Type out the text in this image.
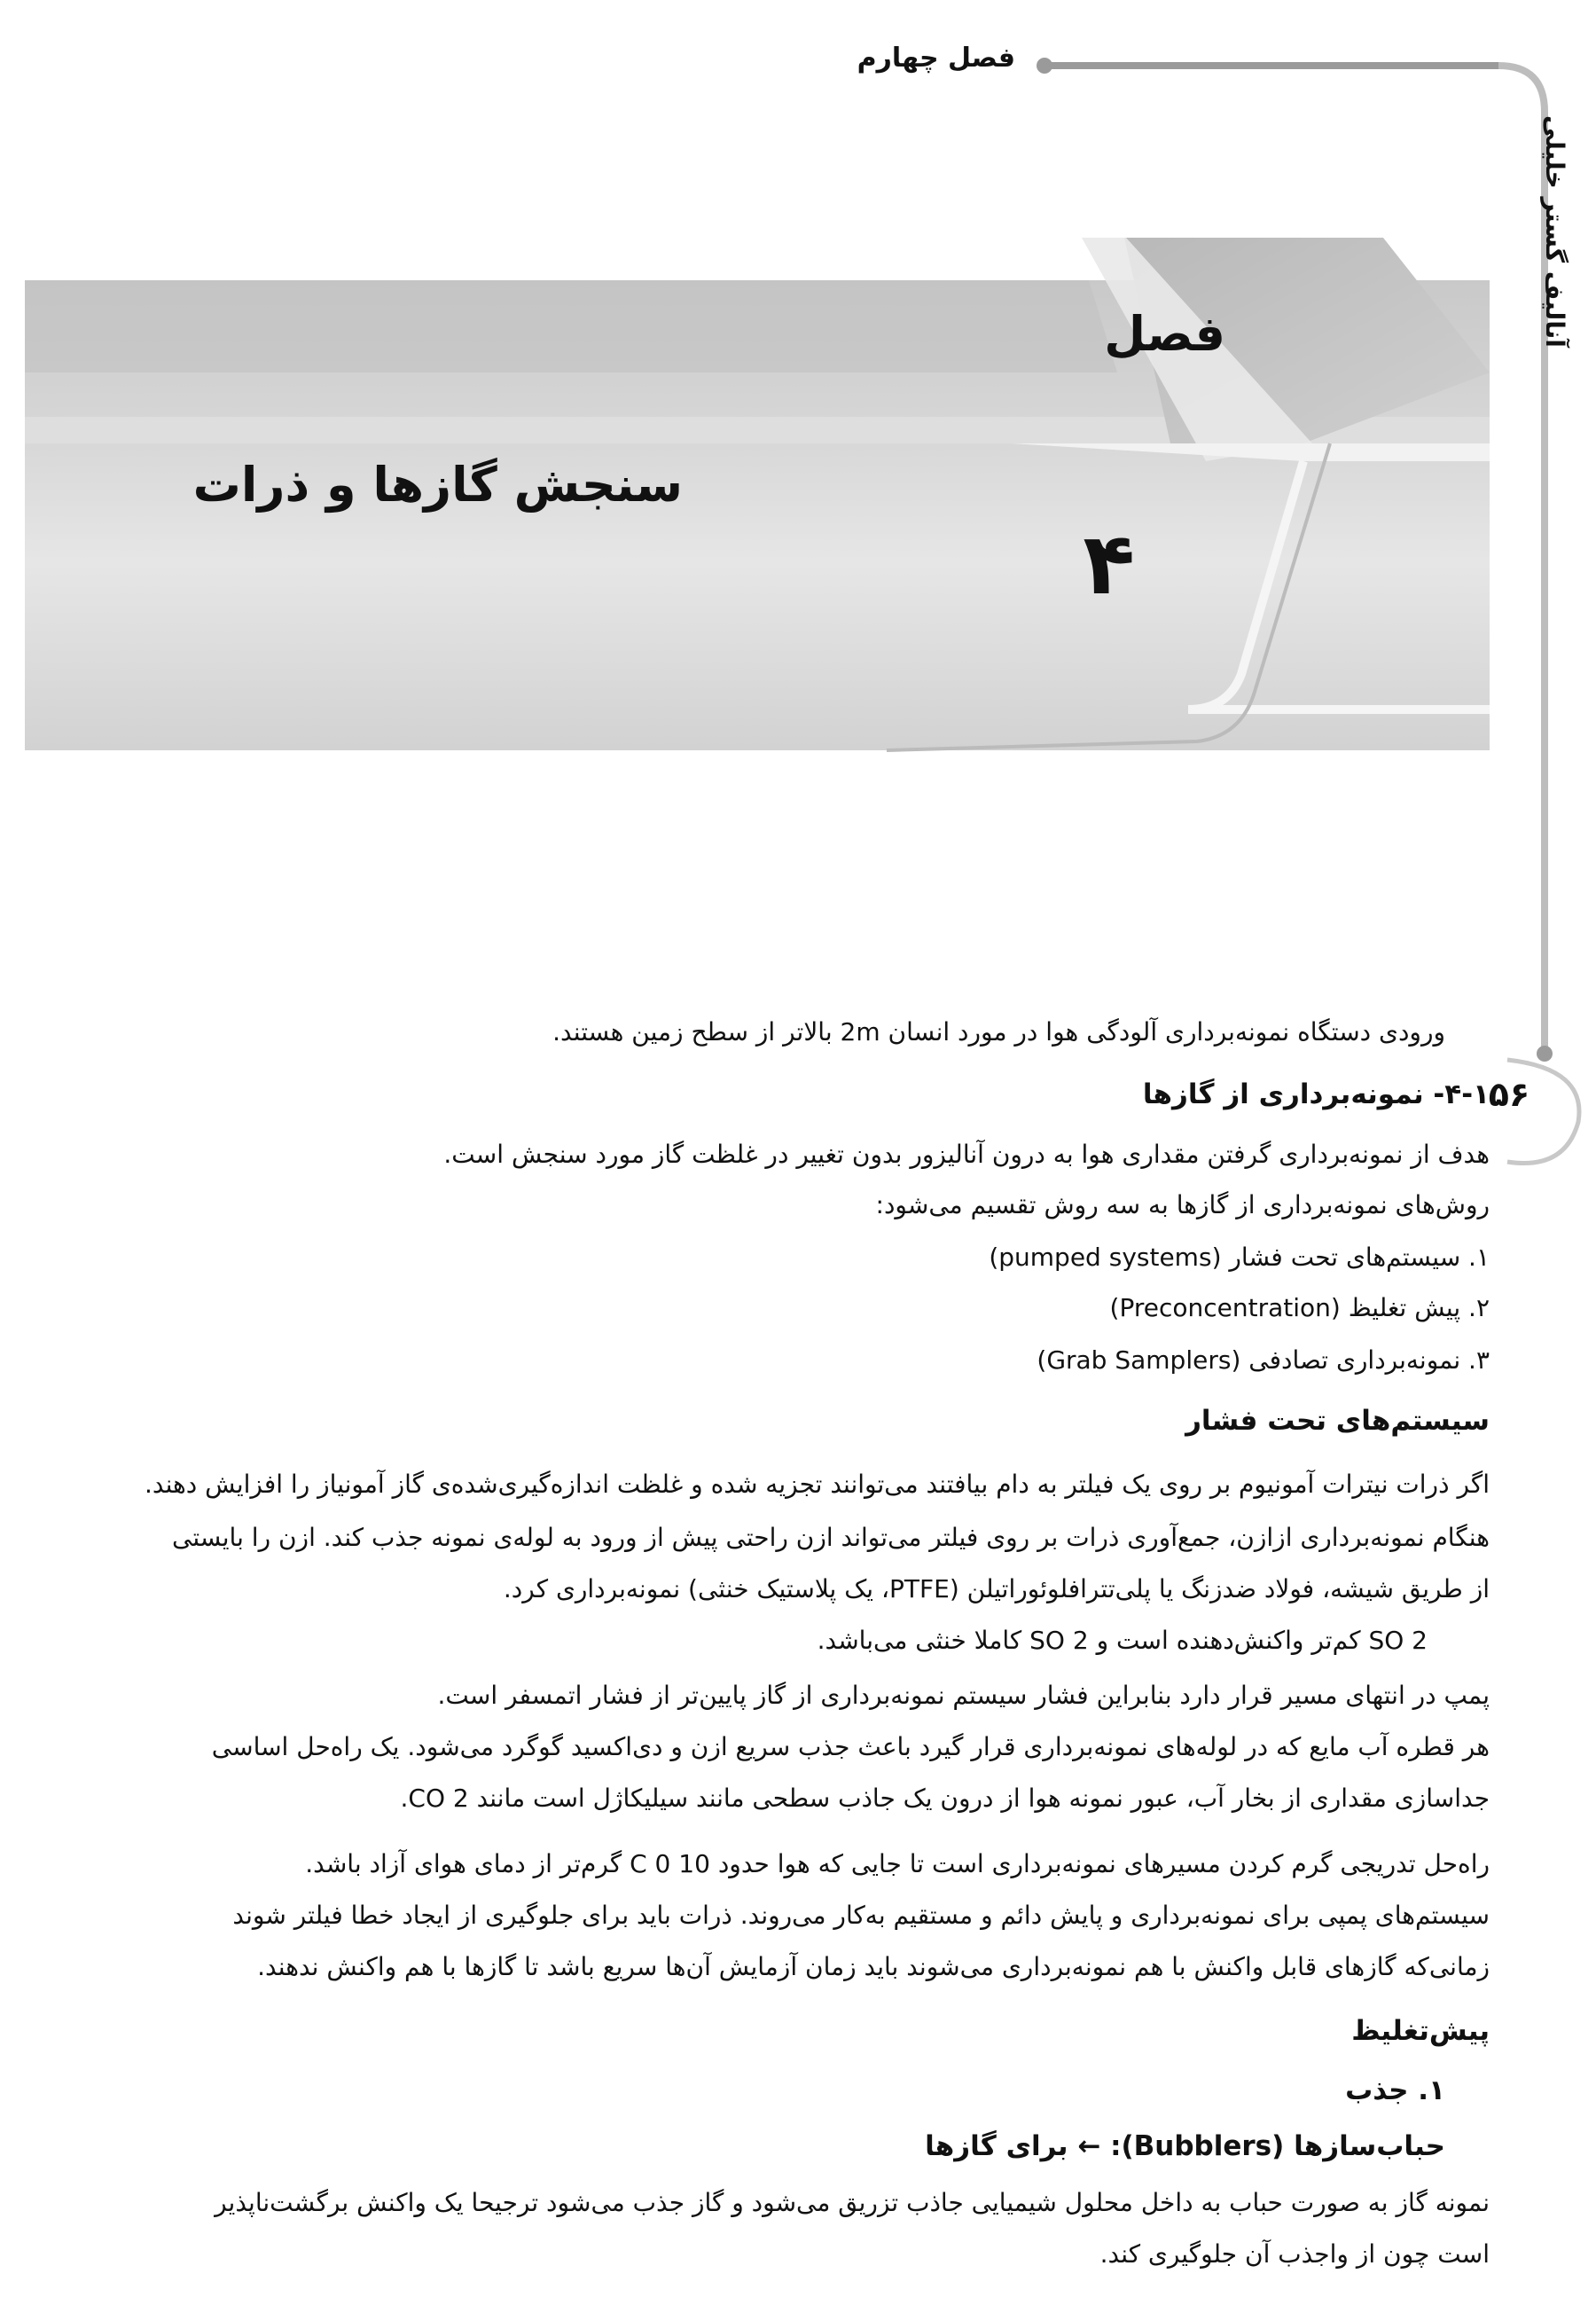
فصل چهارم
آنالیف گستر خلیلی
۵۶
فصل
۴
سنجش گازها و ذرات
ورودی دستگاه نمونه‌برداری آلودگی هوا در مورد انسان 2m بالاتر از سطح زمین هستند.
۴-۱- نمونه‌برداری از گازها
هدف از نمونه‌برداری گرفتن مقداری هوا به درون آنالیزور بدون تغییر در غلظت گاز مورد سنجش است.
روش‌های نمونه‌برداری از گازها به سه روش تقسیم می‌شود:
۱. سیستم‌های تحت فشار (pumped systems)
۲. پیش تغلیظ (Preconcentration)
۳. نمونه‌برداری تصادفی (Grab Samplers)
سیستم‌های تحت فشار
اگر ذرات نیترات آمونیوم بر روی یک فیلتر به دام بیافتند می‌توانند تجزیه شده و غلظت اندازه‌گیری‌شده‌ی گاز آمونیاز را افزایش دهند.
هنگام نمونه‌برداری ازازن، جمع‌آوری ذرات بر روی فیلتر می‌تواند ازن راحتی پیش از ورود به لوله‌ی نمونه جذب کند. ازن را بایستی
از طریق شیشه، فولاد ضدزنگ یا پلی‌تترافلوئوراتیلن (PTFE، یک پلاستیک خنثی) نمونه‌برداری کرد.
SO 2 کم‌تر واکنش‌دهنده است و SO 2 کاملا خنثی می‌باشد.
پمپ در انتهای مسیر قرار دارد بنابراین فشار سیستم نمونه‌برداری از گاز پایین‌تر از فشار اتمسفر است.
هر قطره آب مایع که در لوله‌های نمونه‌برداری قرار گیرد باعث جذب سریع ازن و دی‌اکسید گوگرد می‌شود. یک راه‌حل اساسی
جداسازی مقداری از بخار آب، عبور نمونه هوا از درون یک جاذب سطحی مانند سیلیکاژل است مانند CO 2.
راه‌حل تدریجی گرم کردن مسیرهای نمونه‌برداری است تا جایی که هوا حدود 10 0 C گرم‌تر از دمای هوای آزاد باشد.
سیستم‌های پمپی برای نمونه‌برداری و پایش دائم و مستقیم به‌کار می‌روند. ذرات باید برای جلوگیری از ایجاد خطا فیلتر شوند
زمانی‌که گازهای قابل واکنش با هم نمونه‌برداری می‌شوند باید زمان آزمایش آن‌ها سریع باشد تا گازها با هم واکنش ندهند.
پیش‌تغلیظ
۱. جذب
حباب‌سازها (Bubblers): ← برای گازها
نمونه گاز به صورت حباب به داخل محلول شیمیایی جاذب تزریق می‌شود و گاز جذب می‌شود ترجیحا یک واکنش برگشت‌ناپذیر
است چون از واجذب آن جلوگیری کند.
